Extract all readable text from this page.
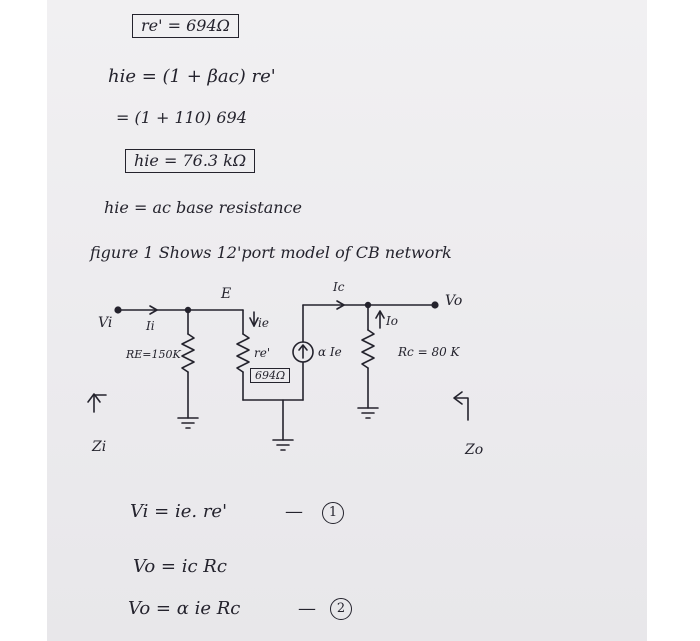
re' = 694Ω
hie = (1 + βac) re'
= (1 + 110) 694
hie = 76.3 kΩ
hie = ac base resistance
figure 1 Shows 12'port model of CB network
E	Ic
Vo
Vi	Ii	ie	Io
RE=150K	re'
694Ω
α Ie	Rc = 80 K
Zi	Zo
Vi = ie. re'	—	1
Vo = ic Rc
Vo = α ie Rc	—	2
